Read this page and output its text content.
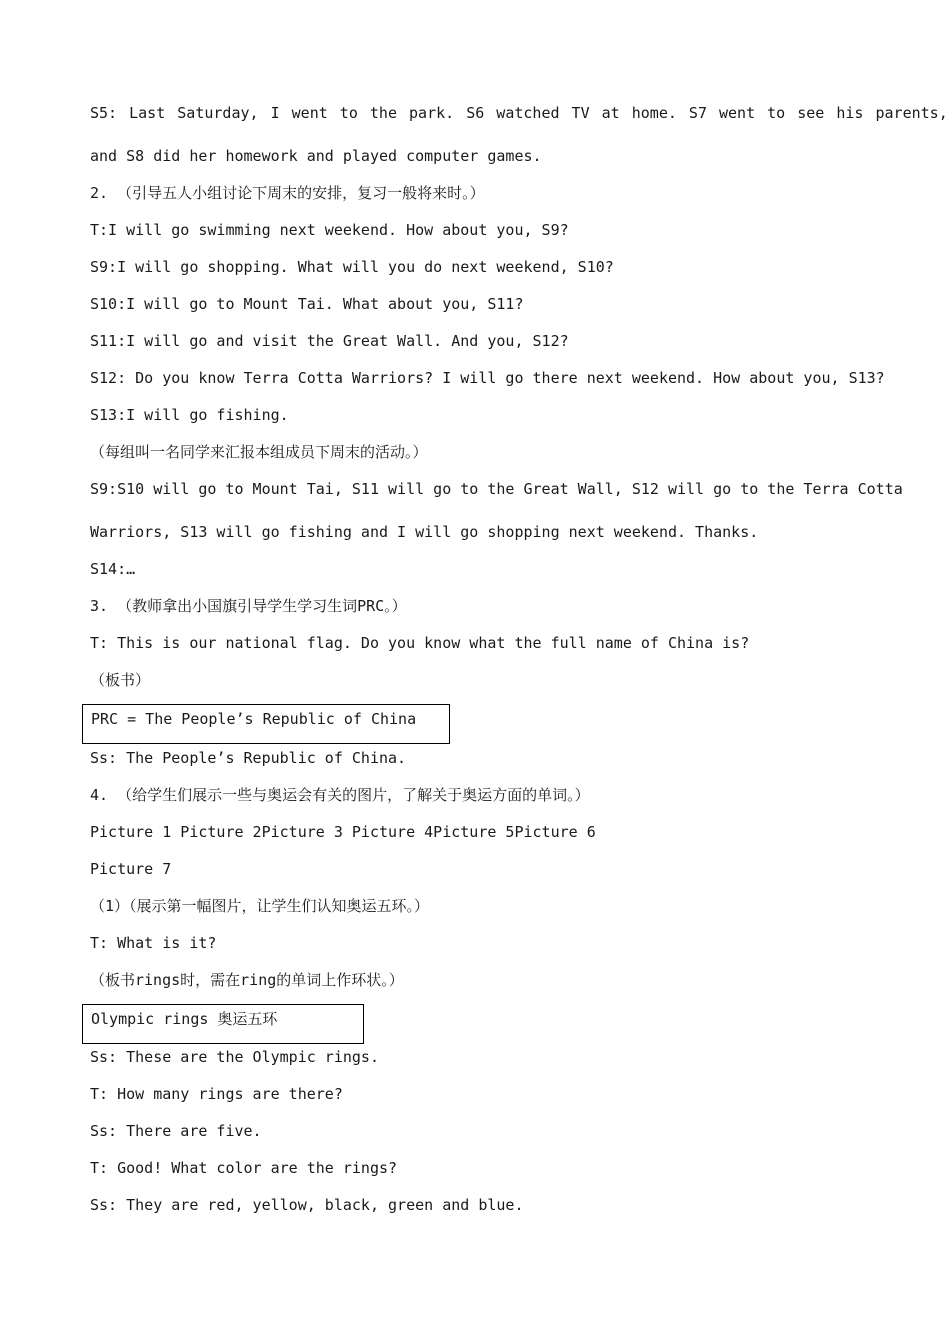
S5: Last Saturday, I went to the park. S6 watched TV at home. S7 went to see his parents,
and S8 did her homework and played computer games.
2. （引导五人小组讨论下周末的安排，复习一般将来时。）
T:I will go swimming next weekend. How about you, S9?
S9:I will go shopping. What will you do next weekend, S10?
S10:I will go to Mount Tai. What about you, S11?
S11:I will go and visit the Great Wall. And you, S12?
S12: Do you know Terra Cotta Warriors? I will go there next weekend. How about you, S13?
S13:I will go fishing.
（每组叫一名同学来汇报本组成员下周末的活动。）
S9:S10 will go to Mount Tai, S11 will go to the Great Wall, S12 will go to the Terra Cotta
Warriors, S13 will go fishing and I will go shopping next weekend. Thanks.
S14:…
3. （教师拿出小国旗引导学生学习生词PRC。）
T: This is our national flag. Do you know what the full name of China is?
（板书）
PRC = The People’s Republic of China
Ss: The People’s Republic of China.
4. （给学生们展示一些与奥运会有关的图片，了解关于奥运方面的单词。）
Picture 1 Picture 2Picture 3 Picture 4Picture 5Picture 6
Picture 7
（1）（展示第一幅图片，让学生们认知奥运五环。）
T: What is it?
（板书rings时，需在ring的单词上作环状。）
Olympic rings 奥运五环
Ss: These are the Olympic rings.
T: How many rings are there?
Ss: There are five.
T: Good! What color are the rings?
Ss: They are red, yellow, black, green and blue.
